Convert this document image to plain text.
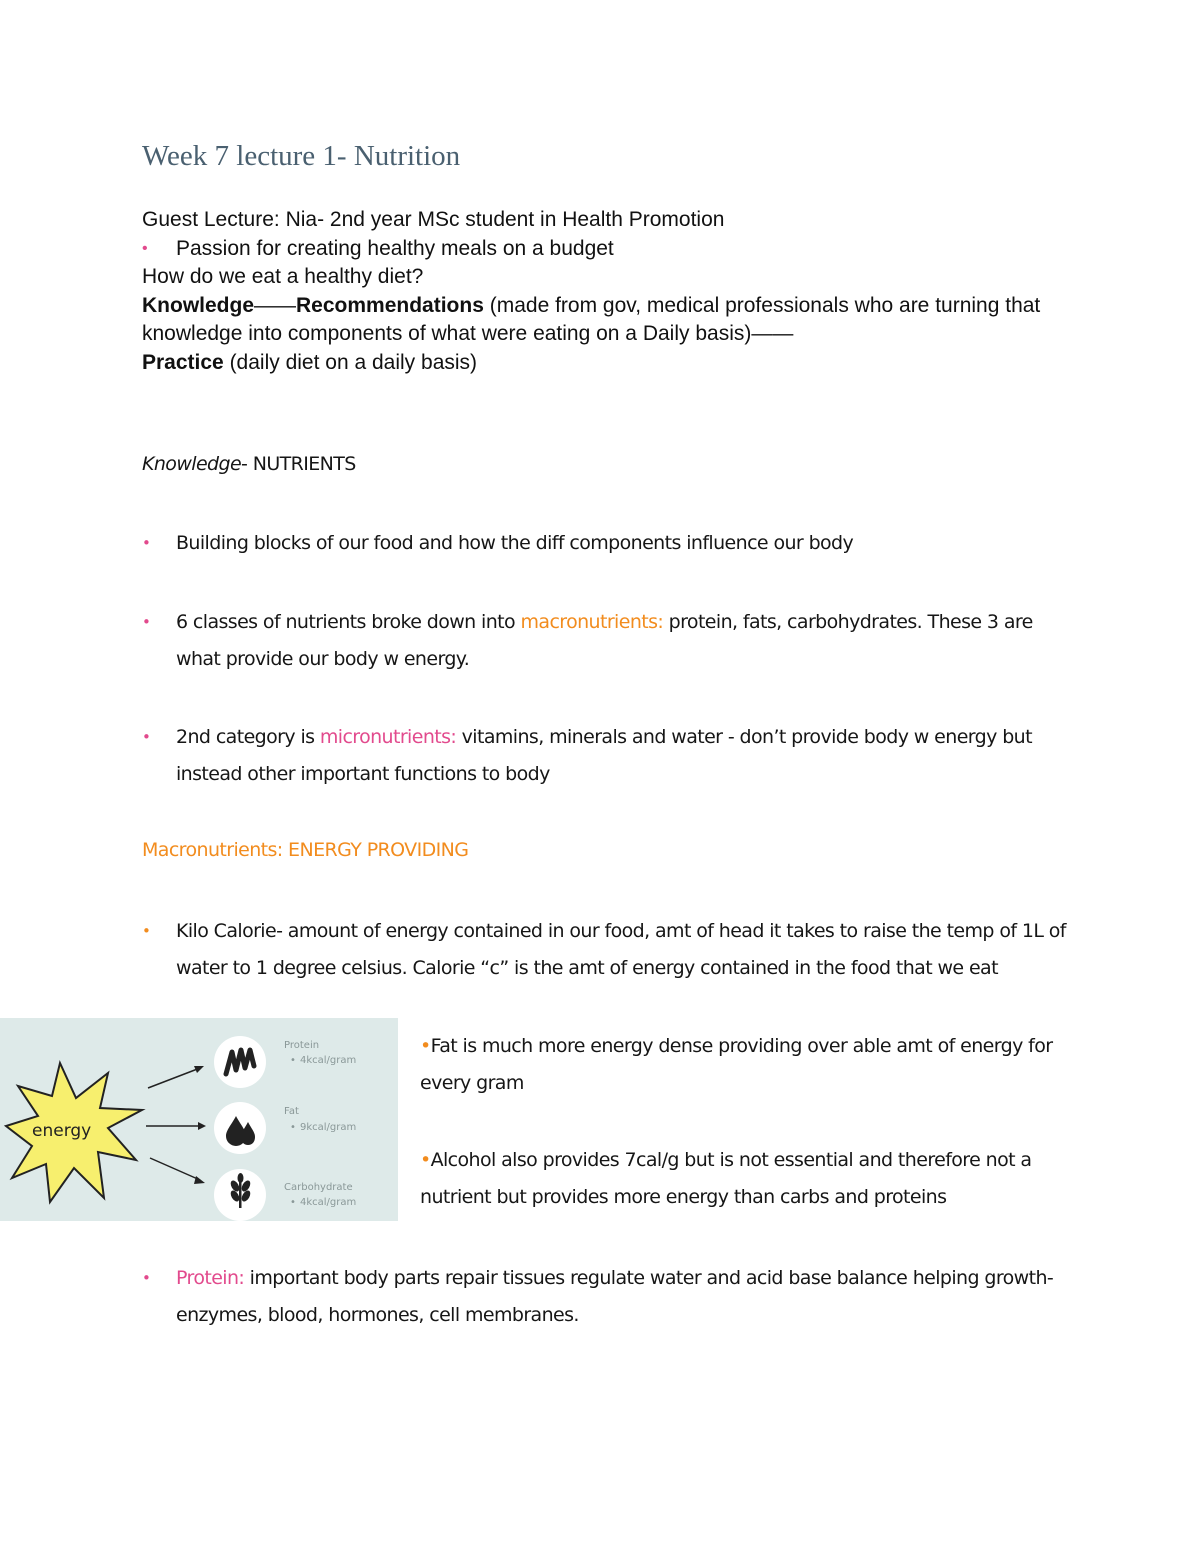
Week 7 lecture 1- Nutrition

Guest Lecture: Nia- 2nd year MSc student in Health Promotion

• Passion for creating healthy meals on a budget

How do we eat a healthy diet?

Knowledge——Recommendations (made from gov, medical professionals who are turning that knowledge into components of what were eating on a Daily basis)——
Practice (daily diet on a daily basis)

Knowledge- NUTRIENTS

• Building blocks of our food and how the diff components influence our body
• 6 classes of nutrients broke down into macronutrients: protein, fats, carbohydrates. These 3 are what provide our body w energy.
• 2nd category is micronutrients: vitamins, minerals and water - don’t provide body w energy but instead other important functions to body

Macronutrients: ENERGY PROVIDING

• Kilo Calorie- amount of energy contained in our food, amt of head it takes to raise the temp of 1L of water to 1 degree celsius. Calorie “c” is the amt of energy contained in the food that we eat
energy
Protein
• 4kcal/gram
Fat
• 9kcal/gram
Carbohydrate
• 4kcal/gram

•Fat is much more energy dense providing over able amt of energy for every gram

•Alcohol also provides 7cal/g but is not essential and therefore not a nutrient but provides more energy than carbs and proteins

• Protein: important body parts repair tissues regulate water and acid base balance helping growth- enzymes, blood, hormones, cell membranes.
